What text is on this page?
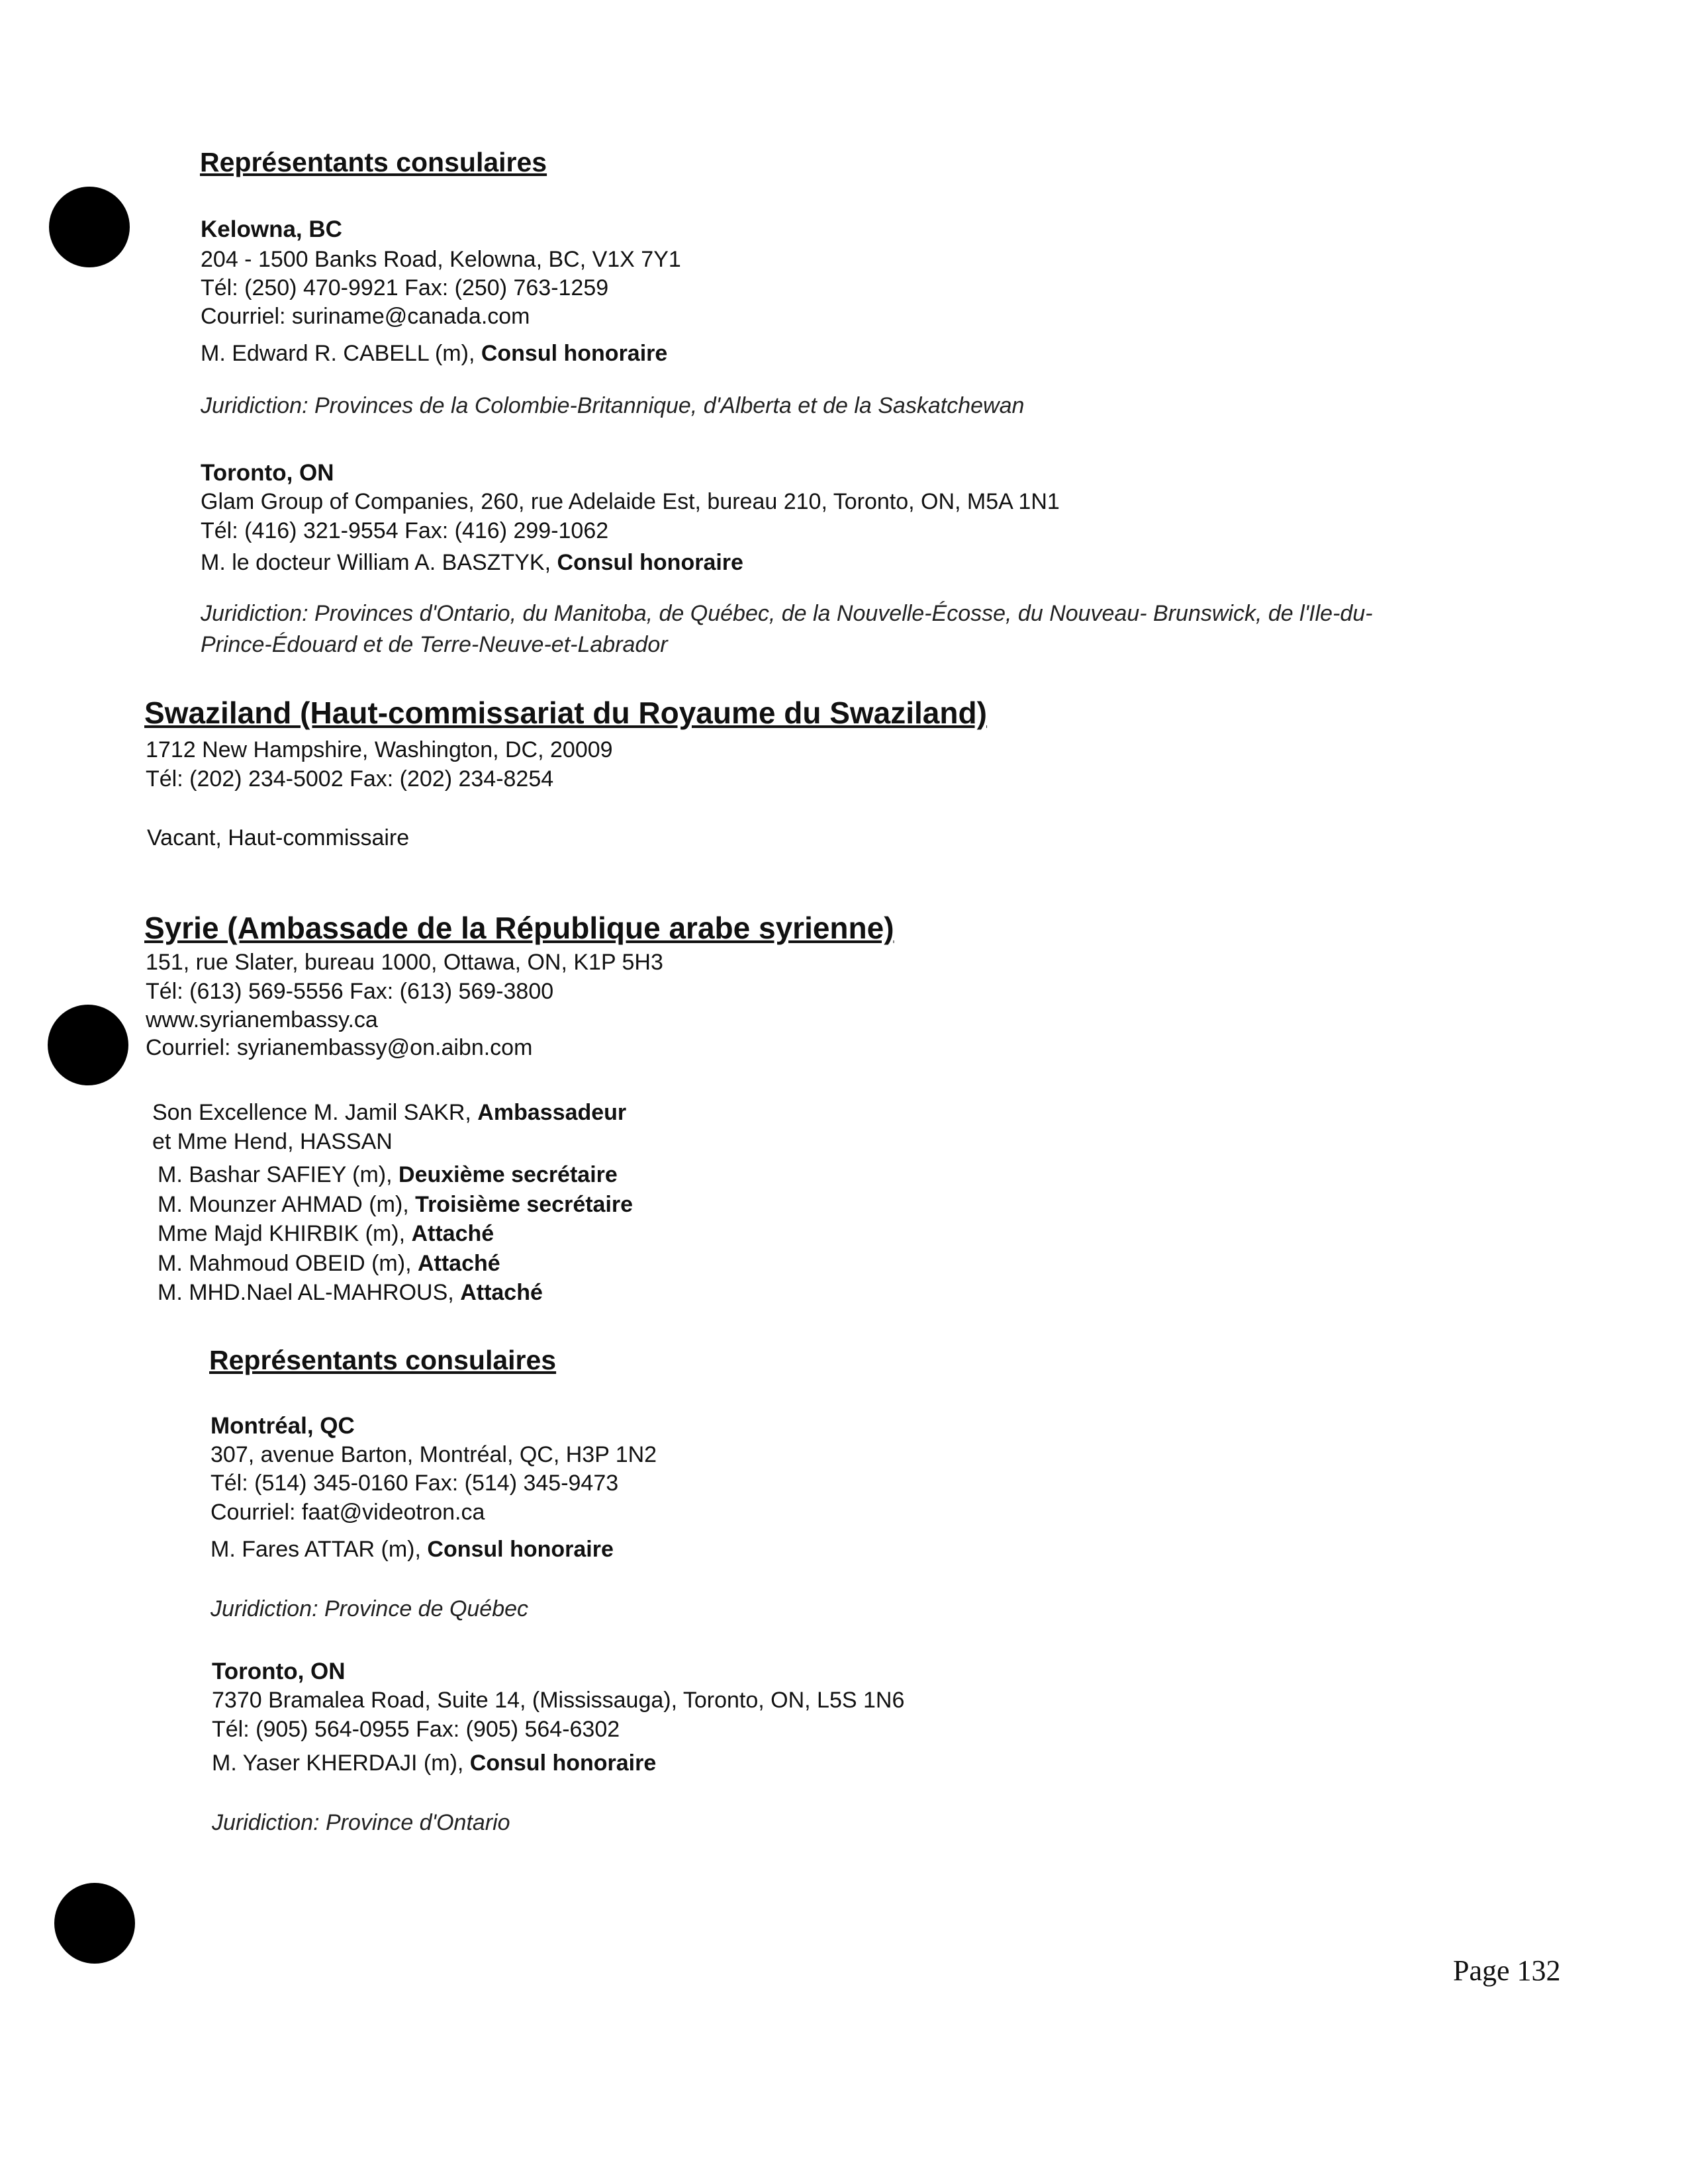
Représentants consulaires
Kelowna, BC
204 - 1500 Banks Road, Kelowna, BC, V1X 7Y1
Tél: (250) 470-9921 Fax: (250) 763-1259
Courriel: suriname@canada.com
M. Edward R. CABELL (m), Consul honoraire
Juridiction: Provinces de la Colombie-Britannique, d'Alberta et de la Saskatchewan
Toronto, ON
Glam Group of Companies, 260, rue Adelaide Est, bureau 210, Toronto, ON, M5A 1N1
Tél: (416) 321-9554 Fax: (416) 299-1062
M. le docteur William A. BASZTYK, Consul honoraire
Juridiction: Provinces d'Ontario, du Manitoba, de Québec, de la Nouvelle-Écosse, du Nouveau- Brunswick, de l'Ile-du-
Prince-Édouard et de Terre-Neuve-et-Labrador
Swaziland (Haut-commissariat du Royaume du Swaziland)
1712 New Hampshire, Washington, DC, 20009
Tél: (202) 234-5002 Fax: (202) 234-8254
Vacant, Haut-commissaire
Syrie (Ambassade de la République arabe syrienne)
151, rue Slater, bureau 1000, Ottawa, ON, K1P 5H3
Tél: (613) 569-5556 Fax: (613) 569-3800
www.syrianembassy.ca
Courriel: syrianembassy@on.aibn.com
Son Excellence M. Jamil SAKR, Ambassadeur
et Mme Hend, HASSAN
M. Bashar SAFIEY (m), Deuxième secrétaire
M. Mounzer AHMAD (m), Troisième secrétaire
Mme Majd KHIRBIK (m), Attaché
M. Mahmoud OBEID (m), Attaché
M. MHD.Nael AL-MAHROUS, Attaché
Représentants consulaires
Montréal, QC
307, avenue Barton, Montréal, QC, H3P 1N2
Tél: (514) 345-0160 Fax: (514) 345-9473
Courriel: faat@videotron.ca
M. Fares ATTAR (m), Consul honoraire
Juridiction: Province de Québec
Toronto, ON
7370 Bramalea Road, Suite 14, (Mississauga), Toronto, ON, L5S 1N6
Tél: (905) 564-0955 Fax: (905) 564-6302
M. Yaser KHERDAJI (m), Consul honoraire
Juridiction: Province d'Ontario
Page 132
